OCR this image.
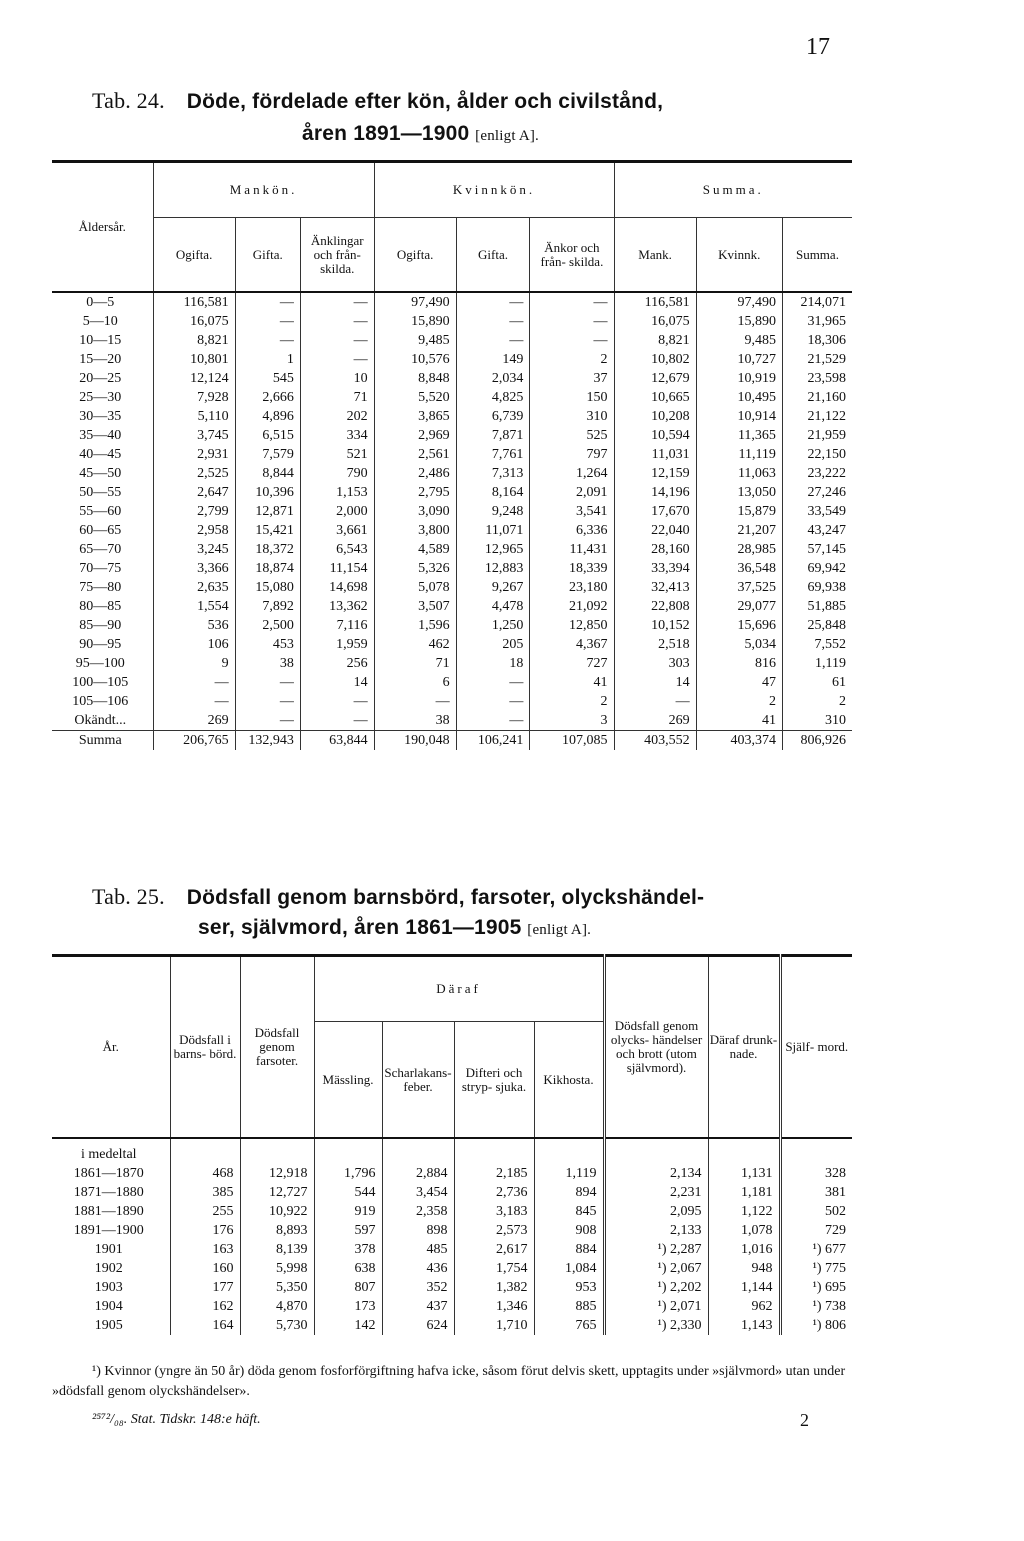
17
Tab. 24. Döde, fördelade efter kön, ålder och civilstånd,
åren 1891—1900 [enligt A].
Åldersår.	Mankön.			Kvinnkön.			Summa.		
	Ogifta.	Gifta.	Änklingar och från- skilda.	Ogifta.	Gifta.	Änkor och från- skilda.	Mank.	Kvinnk.	Summa.
0—5	116,581	—	—	97,490	—	—	116,581	97,490	214,071
5—10	16,075	—	—	15,890	—	—	16,075	15,890	31,965
10—15	8,821	—	—	9,485	—	—	8,821	9,485	18,306
15—20	10,801	1	—	10,576	149	2	10,802	10,727	21,529
20—25	12,124	545	10	8,848	2,034	37	12,679	10,919	23,598
25—30	7,928	2,666	71	5,520	4,825	150	10,665	10,495	21,160
30—35	5,110	4,896	202	3,865	6,739	310	10,208	10,914	21,122
35—40	3,745	6,515	334	2,969	7,871	525	10,594	11,365	21,959
40—45	2,931	7,579	521	2,561	7,761	797	11,031	11,119	22,150
45—50	2,525	8,844	790	2,486	7,313	1,264	12,159	11,063	23,222
50—55	2,647	10,396	1,153	2,795	8,164	2,091	14,196	13,050	27,246
55—60	2,799	12,871	2,000	3,090	9,248	3,541	17,670	15,879	33,549
60—65	2,958	15,421	3,661	3,800	11,071	6,336	22,040	21,207	43,247
65—70	3,245	18,372	6,543	4,589	12,965	11,431	28,160	28,985	57,145
70—75	3,366	18,874	11,154	5,326	12,883	18,339	33,394	36,548	69,942
75—80	2,635	15,080	14,698	5,078	9,267	23,180	32,413	37,525	69,938
80—85	1,554	7,892	13,362	3,507	4,478	21,092	22,808	29,077	51,885
85—90	536	2,500	7,116	1,596	1,250	12,850	10,152	15,696	25,848
90—95	106	453	1,959	462	205	4,367	2,518	5,034	7,552
95—100	9	38	256	71	18	727	303	816	1,119
100—105	—	—	14	6	—	41	14	47	61
105—106	—	—	—	—	—	2	—	2	2
Okändt...	269	—	—	38	—	3	269	41	310
Summa	206,765	132,943	63,844	190,048	106,241	107,085	403,552	403,374	806,926
Tab. 25. Dödsfall genom barnsbörd, farsoter, olyckshändel-
ser, självmord, åren 1861—1905 [enligt A].
År.	Dödsfall i barns- börd.	Dödsfall genom farsoter.	Däraf				Dödsfall genom olycks- händelser och brott (utom självmord).	Däraf drunk- nade.	Själf- mord.
			Mässling.	Scharlakans- feber.	Difteri och stryp- sjuka.	Kikhosta.			
i medeltal									
1861—1870	468	12,918	1,796	2,884	2,185	1,119	2,134	1,131	328
1871—1880	385	12,727	544	3,454	2,736	894	2,231	1,181	381
1881—1890	255	10,922	919	2,358	3,183	845	2,095	1,122	502
1891—1900	176	8,893	597	898	2,573	908	2,133	1,078	729
1901	163	8,139	378	485	2,617	884	¹) 2,287	1,016	¹) 677
1902	160	5,998	638	436	1,754	1,084	¹) 2,067	948	¹) 775
1903	177	5,350	807	352	1,382	953	¹) 2,202	1,144	¹) 695
1904	162	4,870	173	437	1,346	885	¹) 2,071	962	¹) 738
1905	164	5,730	142	624	1,710	765	¹) 2,330	1,143	¹) 806
¹) Kvinnor (yngre än 50 år) döda genom fosforförgiftning hafva icke, såsom förut delvis skett, upptagits under »självmord» utan under »dödsfall genom olyckshändelser».
²⁵⁷²/₀₈. Stat. Tidskr. 148:e häft.	2
